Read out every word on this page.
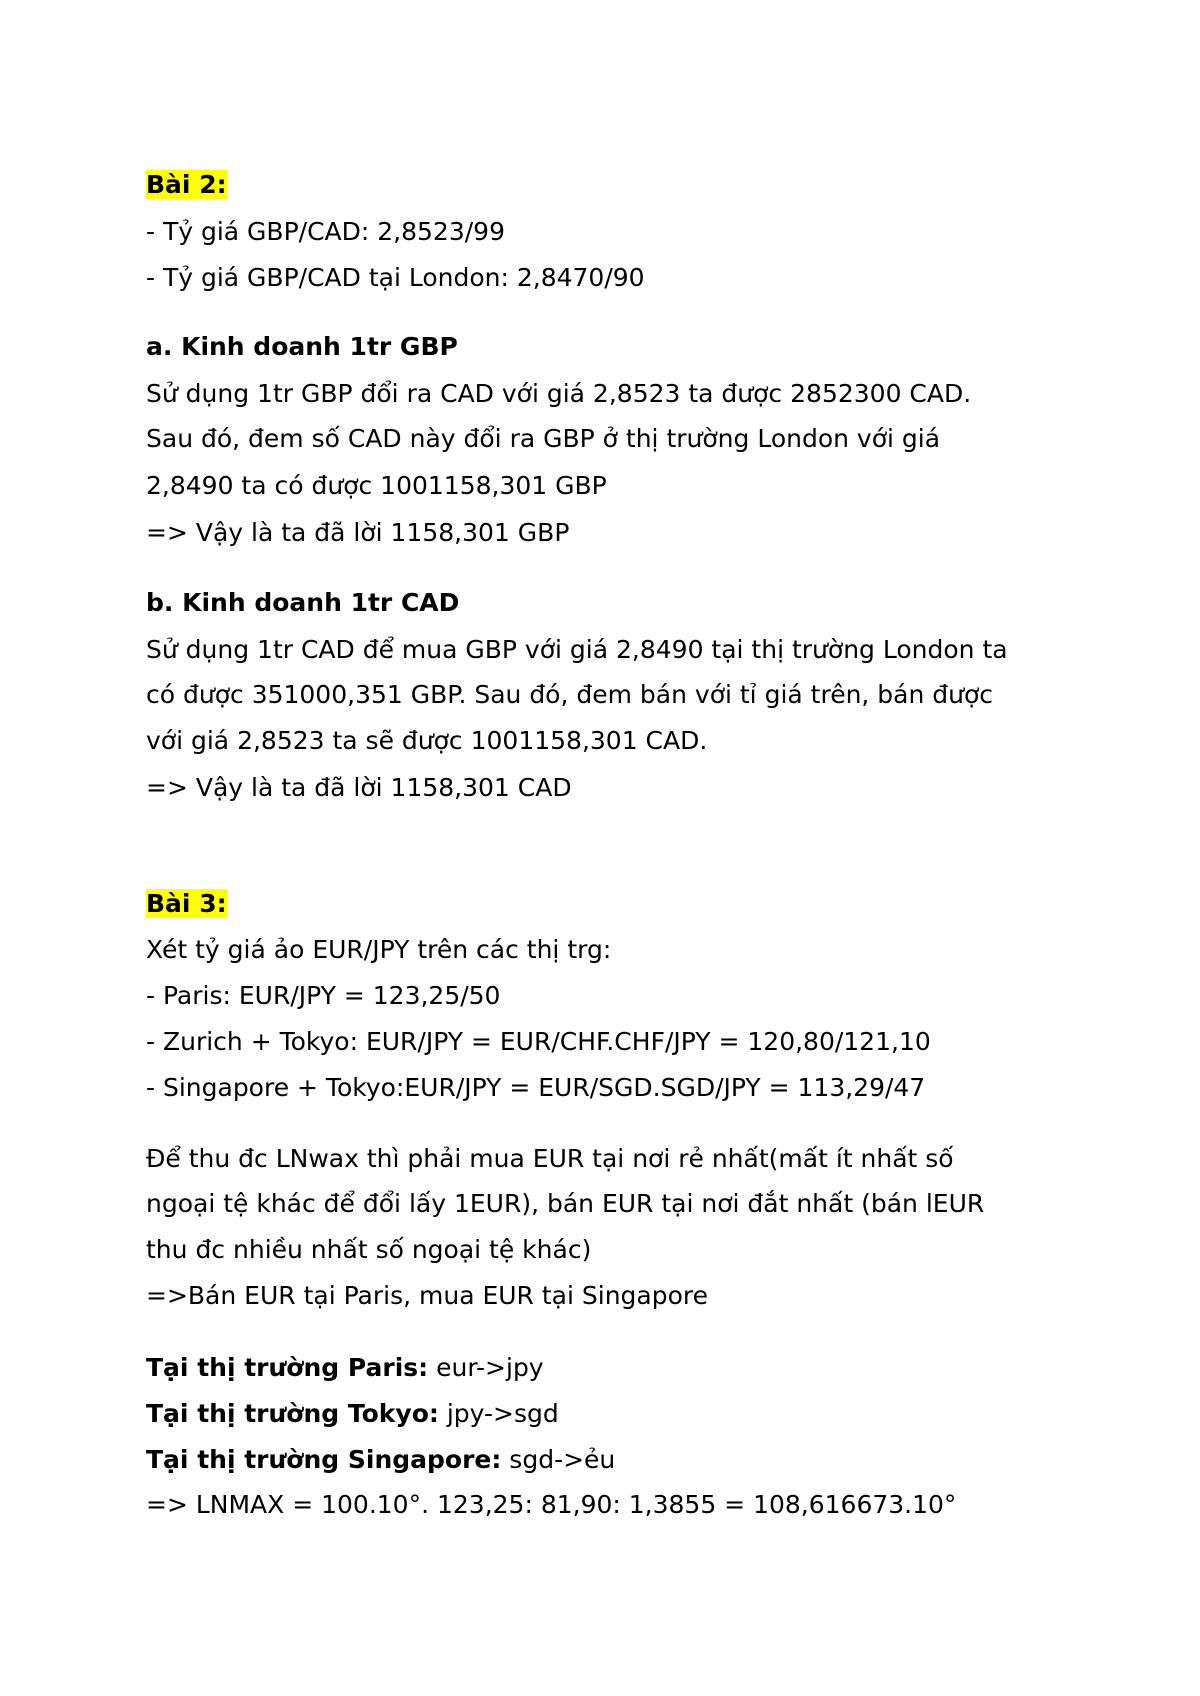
Bài 2:
- Tỷ giá GBP/CAD: 2,8523/99
- Tỷ giá GBP/CAD tại London: 2,8470/90
a. Kinh doanh 1tr GBP
Sử dụng 1tr GBP đổi ra CAD với giá 2,8523 ta được 2852300 CAD.
Sau đó, đem số CAD này đổi ra GBP ở thị trường London với giá
2,8490 ta có được 1001158,301 GBP
=> Vậy là ta đã lời 1158,301 GBP
b. Kinh doanh 1tr CAD
Sử dụng 1tr CAD để mua GBP với giá 2,8490 tại thị trường London ta
có được 351000,351 GBP. Sau đó, đem bán với tỉ giá trên, bán được
với giá 2,8523 ta sẽ được 1001158,301 CAD.
=> Vậy là ta đã lời 1158,301 CAD
Bài 3:
Xét tỷ giá ảo EUR/JPY trên các thị trg:
- Paris: EUR/JPY = 123,25/50
- Zurich + Tokyo: EUR/JPY = EUR/CHF.CHF/JPY = 120,80/121,10
- Singapore + Tokyo:EUR/JPY = EUR/SGD.SGD/JPY = 113,29/47
Để thu đc LNwax thì phải mua EUR tại nơi rẻ nhất(mất ít nhất số
ngoại tệ khác để đổi lấy 1EUR), bán EUR tại nơi đắt nhất (bán lEUR
thu đc nhiều nhất số ngoại tệ khác)
=>Bán EUR tại Paris, mua EUR tại Singapore
Tại thị trường Paris: eur->jpy
Tại thị trường Tokyo: jpy->sgd
Tại thị trường Singapore: sgd->ẻu
=> LNMAX = 100.10°. 123,25: 81,90: 1,3855 = 108,616673.10°
